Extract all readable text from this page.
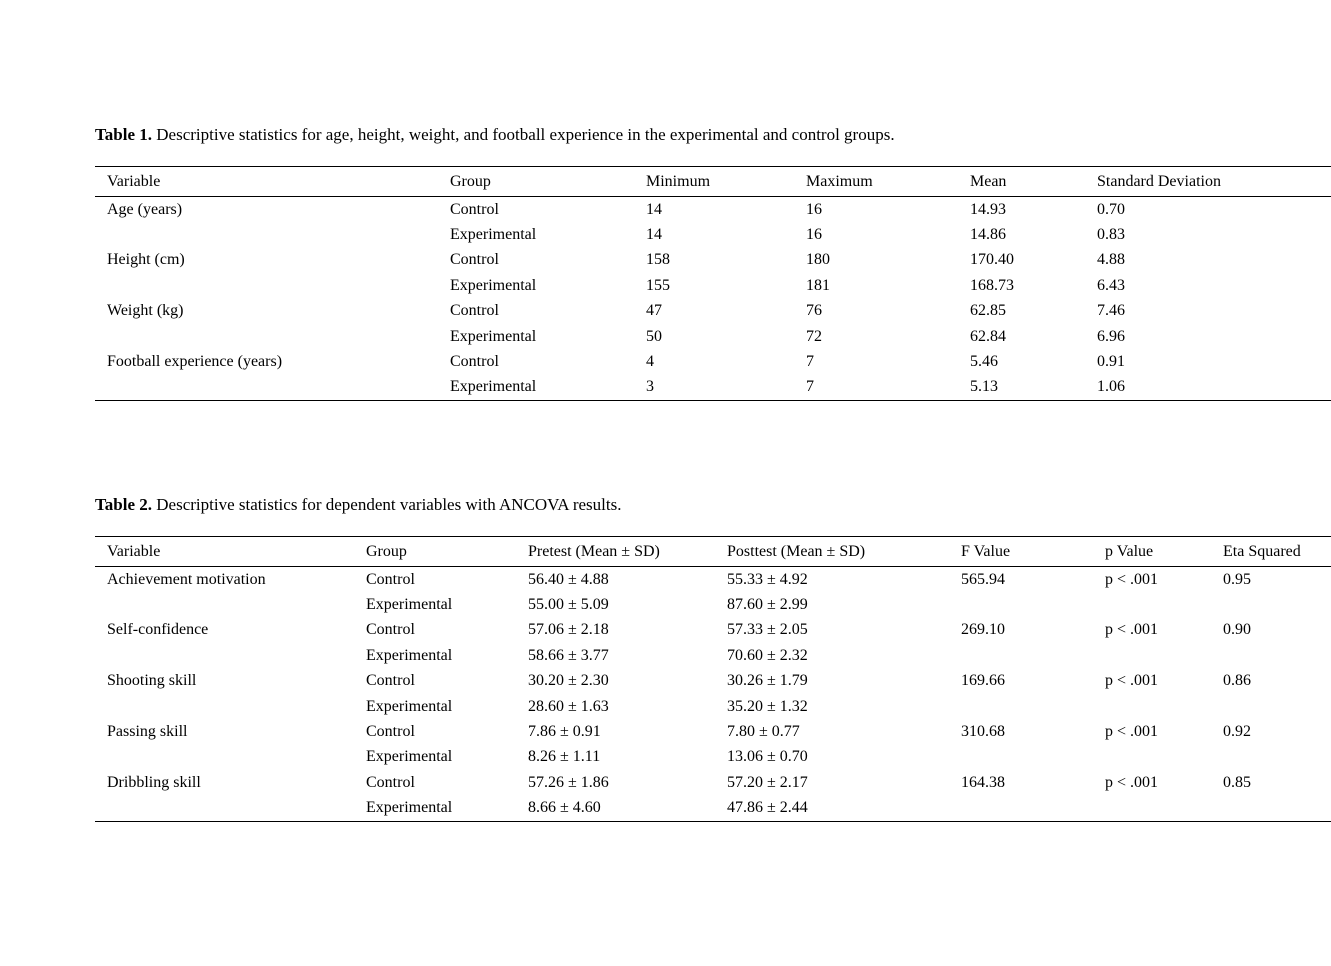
Table 1. Descriptive statistics for age, height, weight, and football experience in the experimental and control groups.

Variable	Group	Minimum	Maximum	Mean	Standard Deviation
Age (years)	Control	14	16	14.93	0.70
	Experimental	14	16	14.86	0.83
Height (cm)	Control	158	180	170.40	4.88
	Experimental	155	181	168.73	6.43
Weight (kg)	Control	47	76	62.85	7.46
	Experimental	50	72	62.84	6.96
Football experience (years)	Control	4	7	5.46	0.91
	Experimental	3	7	5.13	1.06

Table 2. Descriptive statistics for dependent variables with ANCOVA results.

Variable	Group	Pretest (Mean ± SD)	Posttest (Mean ± SD)	F Value	p Value	Eta Squared
Achievement motivation	Control	56.40 ± 4.88	55.33 ± 4.92	565.94	p < .001	0.95
	Experimental	55.00 ± 5.09	87.60 ± 2.99			
Self-confidence	Control	57.06 ± 2.18	57.33 ± 2.05	269.10	p < .001	0.90
	Experimental	58.66 ± 3.77	70.60 ± 2.32			
Shooting skill	Control	30.20 ± 2.30	30.26 ± 1.79	169.66	p < .001	0.86
	Experimental	28.60 ± 1.63	35.20 ± 1.32			
Passing skill	Control	7.86 ± 0.91	7.80 ± 0.77	310.68	p < .001	0.92
	Experimental	8.26 ± 1.11	13.06 ± 0.70			
Dribbling skill	Control	57.26 ± 1.86	57.20 ± 2.17	164.38	p < .001	0.85
	Experimental	8.66 ± 4.60	47.86 ± 2.44			
